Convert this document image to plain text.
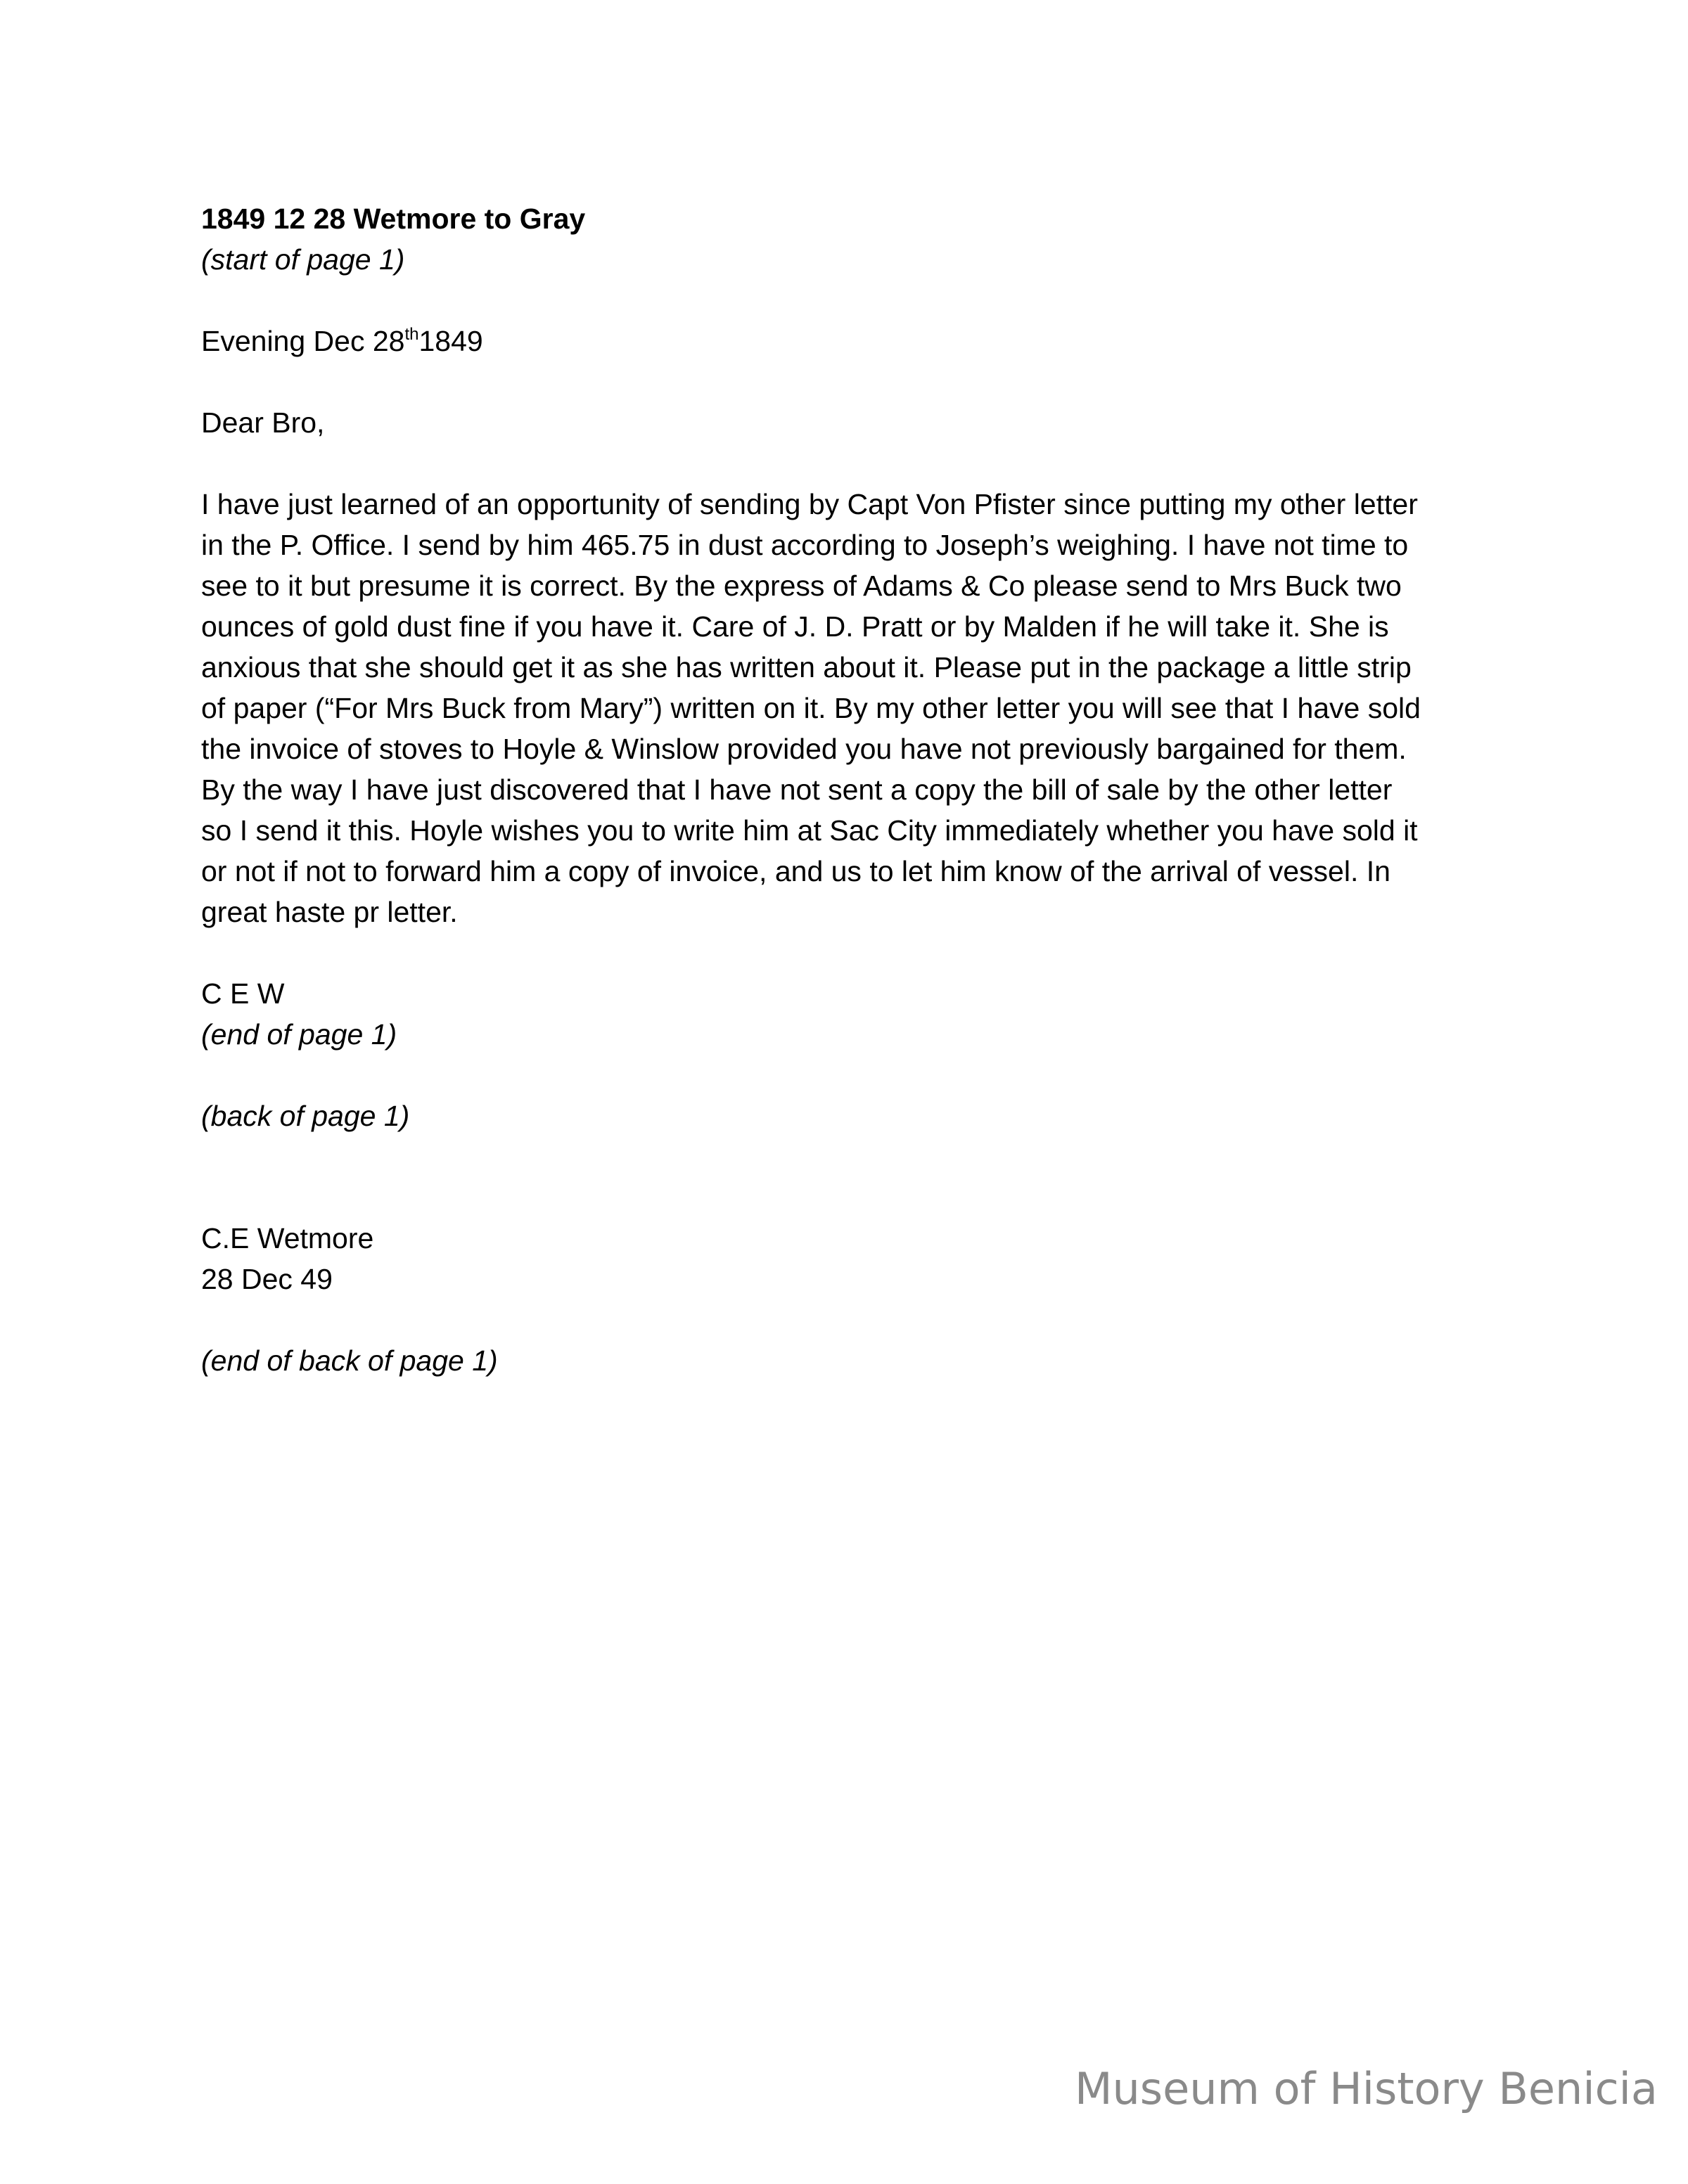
1849 12 28 Wetmore to Gray

(start of page 1)

Evening Dec 28th1849

Dear Bro,

I have just learned of an opportunity of sending by Capt Von Pfister since putting my other letter

in the P. Office. I send by him 465.75 in dust according to Joseph’s weighing. I have not time to

see to it but presume it is correct. By the express of Adams & Co please send to Mrs Buck two

ounces of gold dust fine if you have it. Care of J. D. Pratt or by Malden if he will take it. She is

anxious that she should get it as she has written about it. Please put in the package a little strip

of paper (“For Mrs Buck from Mary”) written on it. By my other letter you will see that I have sold

the invoice of stoves to Hoyle & Winslow provided you have not previously bargained for them.

By the way I have just discovered that I have not sent a copy the bill of sale by the other letter

so I send it this. Hoyle wishes you to write him at Sac City immediately whether you have sold it

or not if not to forward him a copy of invoice, and us to let him know of the arrival of vessel. In

great haste pr letter.

C E W

(end of page 1)

(back of page 1)

C.E Wetmore

28 Dec 49

(end of back of page 1)

Museum of History Benicia
